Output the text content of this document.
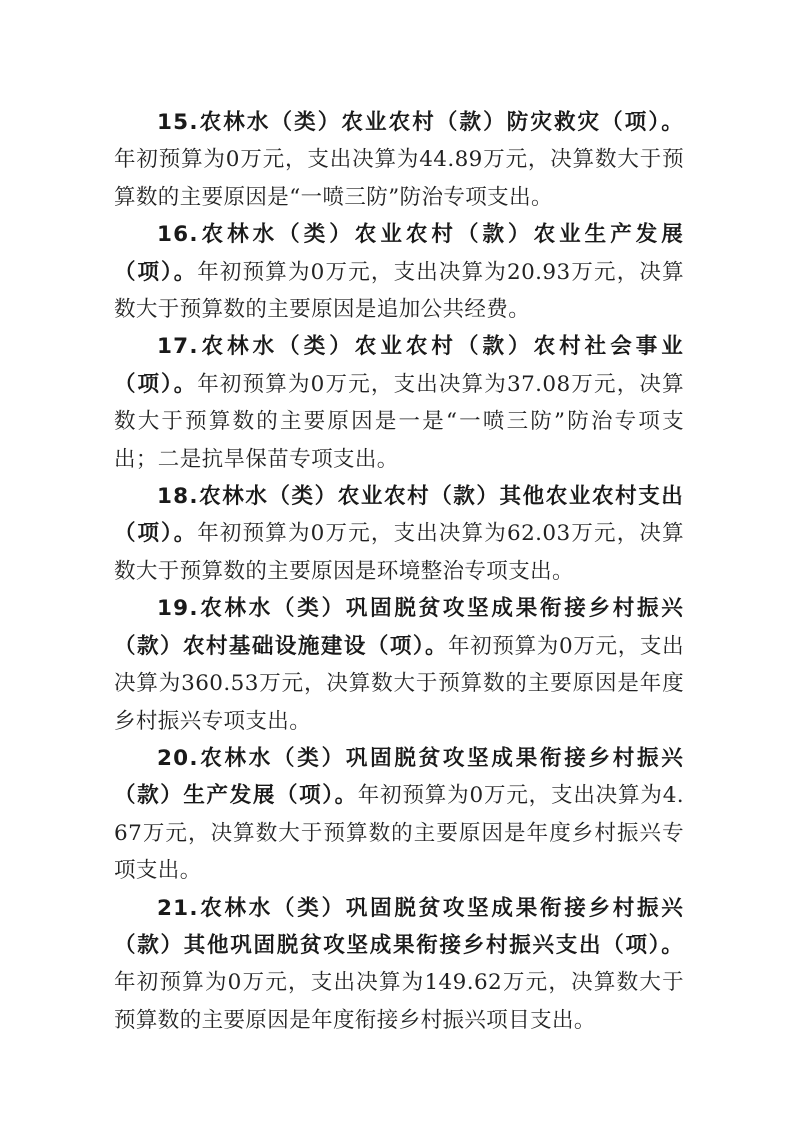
15.农林水（类）农业农村（款）防灾救灾（项）。年初预算为0万元，支出决算为44.89万元，决算数大于预算数的主要原因是“一喷三防”防治专项支出。

16.农林水（类）农业农村（款）农业生产发展（项）。年初预算为0万元，支出决算为20.93万元，决算数大于预算数的主要原因是追加公共经费。

17.农林水（类）农业农村（款）农村社会事业（项）。年初预算为0万元，支出决算为37.08万元，决算数大于预算数的主要原因是一是“一喷三防”防治专项支出；二是抗旱保苗专项支出。

18.农林水（类）农业农村（款）其他农业农村支出（项）。年初预算为0万元，支出决算为62.03万元，决算数大于预算数的主要原因是环境整治专项支出。

19.农林水（类）巩固脱贫攻坚成果衔接乡村振兴（款）农村基础设施建设（项）。年初预算为0万元，支出决算为360.53万元，决算数大于预算数的主要原因是年度乡村振兴专项支出。

20.农林水（类）巩固脱贫攻坚成果衔接乡村振兴（款）生产发展（项）。年初预算为0万元，支出决算为4.67万元，决算数大于预算数的主要原因是年度乡村振兴专项支出。

21.农林水（类）巩固脱贫攻坚成果衔接乡村振兴（款）其他巩固脱贫攻坚成果衔接乡村振兴支出（项）。年初预算为0万元，支出决算为149.62万元，决算数大于预算数的主要原因是年度衔接乡村振兴项目支出。
